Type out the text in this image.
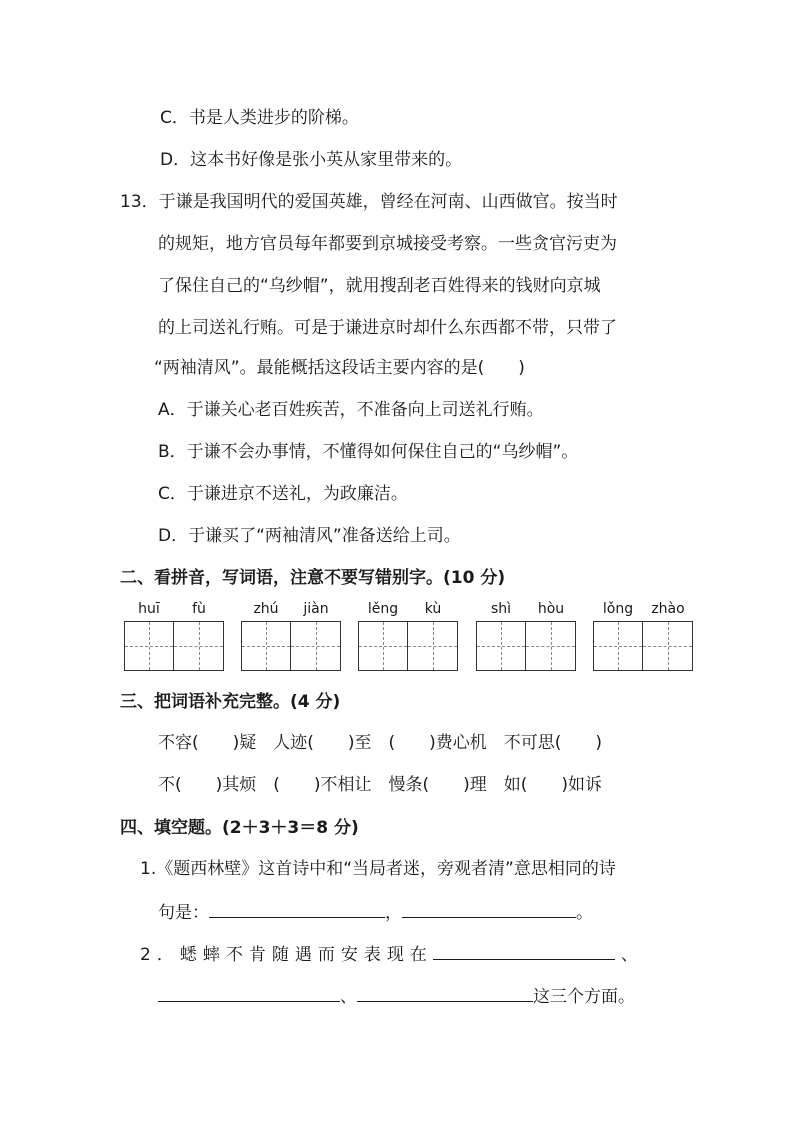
C．书是人类进步的阶梯。
D．这本书好像是张小英从家里带来的。
13．于谦是我国明代的爱国英雄，曾经在河南、山西做官。按当时
的规矩，地方官员每年都要到京城接受考察。一些贪官污吏为
了保住自己的“乌纱帽”，就用搜刮老百姓得来的钱财向京城
的上司送礼行贿。可是于谦进京时却什么东西都不带，只带了
“两袖清风”。最能概括这段话主要内容的是(　　)
A．于谦关心老百姓疾苦，不准备向上司送礼行贿。
B．于谦不会办事情，不懂得如何保住自己的“乌纱帽”。
C．于谦进京不送礼，为政廉洁。
D．于谦买了“两袖清风”准备送给上司。
二、看拼音，写词语，注意不要写错别字。(10 分)
huī	fù	zhú	jiàn	lěng	kù	shì	hòu	lǒng	zhào
三、把词语补充完整。(4 分)
不容(　　)疑　人迹(　　)至　(　　)费心机　不可思(　　)
不(　　)其烦　(　　)不相让　慢条(　　)理　如(　　)如诉
四、填空题。(2＋3＋3＝8 分)
1.《题西林壁》这首诗中和“当局者迷，旁观者清”意思相同的诗
句是：	，	。
2．蟋蟀不肯随遇而安表现在	、
、	这三个方面。
